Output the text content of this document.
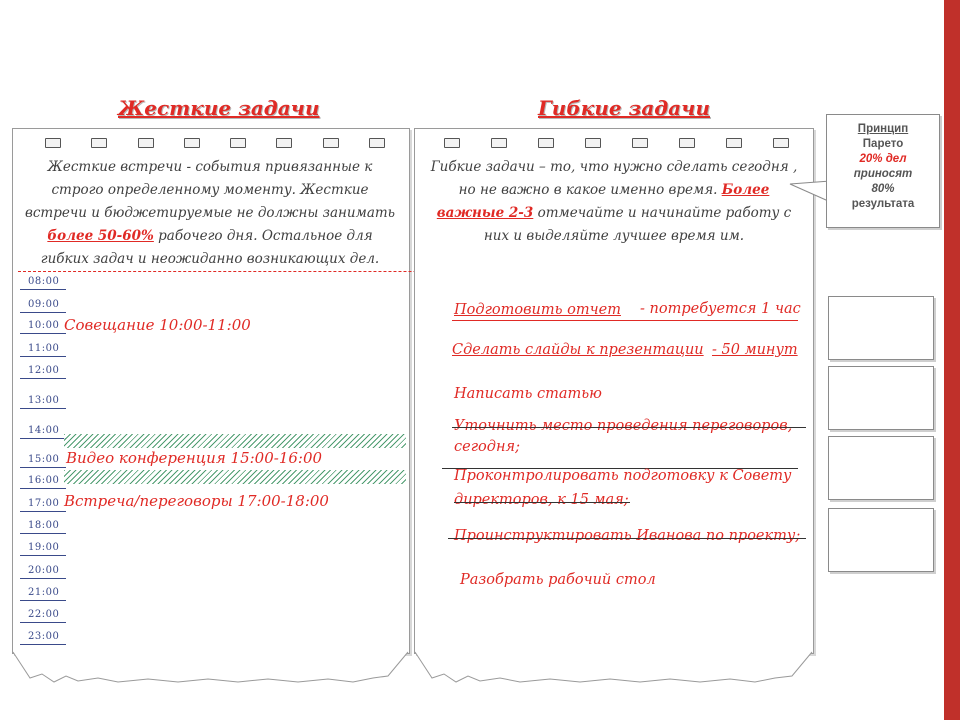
Жесткие задачи	Гибкие задачи
Жесткие встречи - события привязанные к строго определенному моменту. Жесткие встречи и бюджетируемые не должны занимать более 50-60% рабочего дня. Остальное для гибких задач и неожиданно возникающих дел.
08:00
09:00
10:00
11:00
12:00
13:00
14:00
15:00
16:00
17:00
18:00
19:00
20:00
21:00
22:00
23:00
Совещание 10:00-11:00
Видео конференция 15:00-16:00
Встреча/переговоры 17:00-18:00
Гибкие задачи – то, что нужно сделать сегодня , но не важно в какое именно время. Более важные 2-3 отмечайте и начинайте работу с них и выделяйте лучшее время им.
Подготовить отчет - потребуется 1 час
Сделать слайды к презентации - 50 минут
Написать статью
Уточнить место проведения переговоров,
сегодня;
Проконтролировать подготовку к Совету
директоров, к 15 мая;
Проинструктировать Иванова по проекту;
Разобрать рабочий стол
Принцип
Парето
20% дел
приносят
80%
результата
